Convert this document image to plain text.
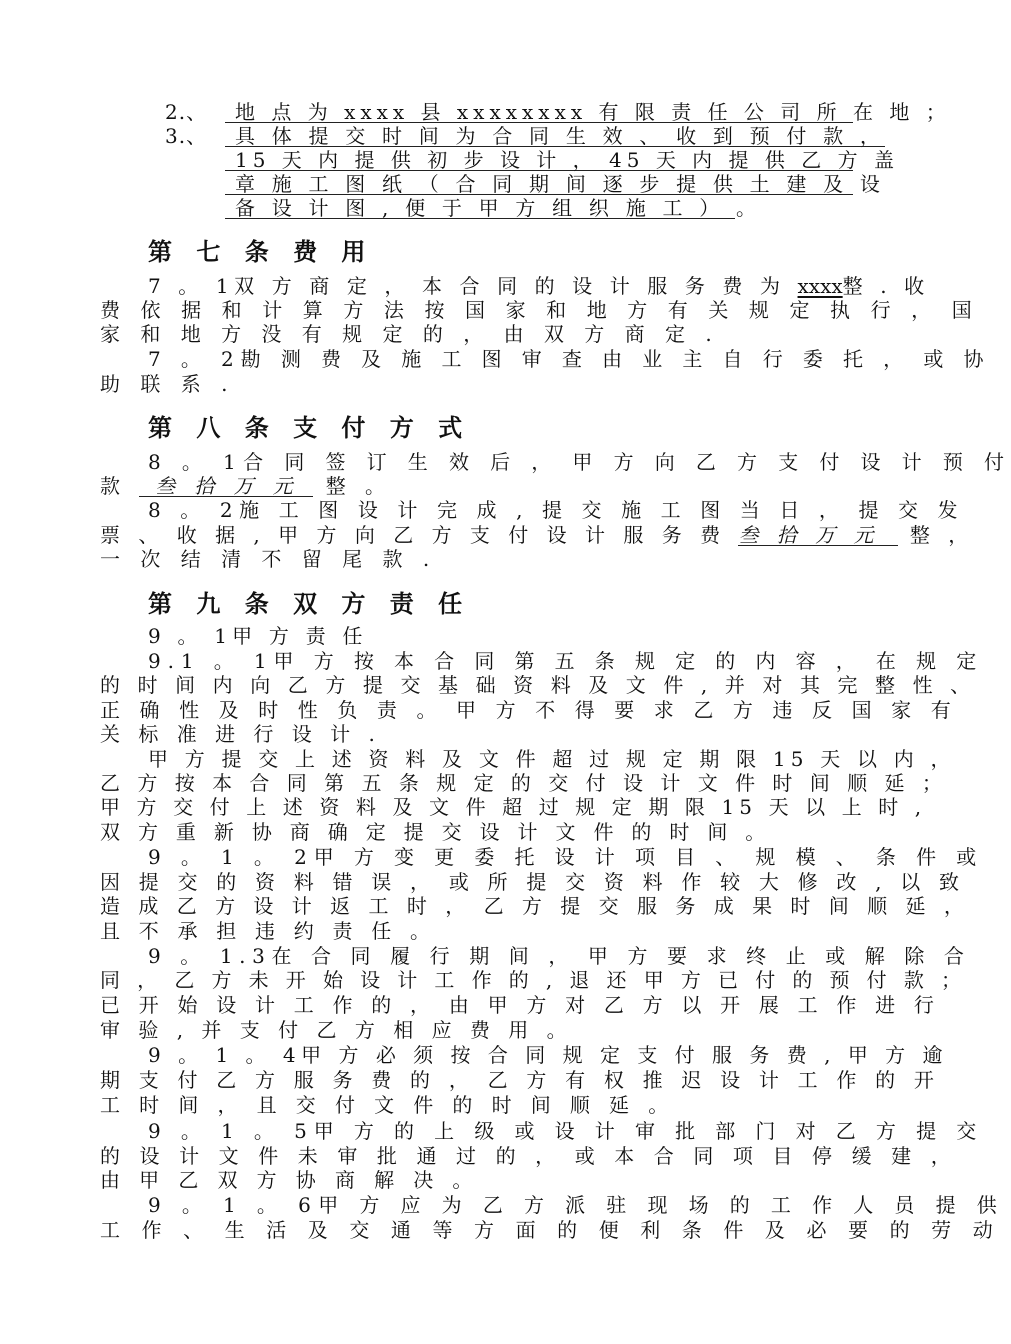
2.、 地 点 为 xxxx 县 xxxxxxxx 有 限 责 任 公 司 所 在 地 ；
3.、 具 体 提 交 时 间 为 合 同 生 效 、 收 到 预 付 款 ，
15 天 内 提 供 初 步 设 计 ， 45 天 内 提 供 乙 方 盖
章 施 工 图 纸 （ 合 同 期 间 逐 步 提 供 土 建 及 设
备 设 计 图 , 便 于 甲 方 组 织 施 工 ） 。
第 七 条 费 用
7 。 1双 方 商 定 ， 本 合 同 的 设 计 服 务 费 为 xxxx整 . 收
费 依 据 和 计 算 方 法 按 国 家 和 地 方 有 关 规 定 执 行 ， 国
家 和 地 方 没 有 规 定 的 ， 由 双 方 商 定 .
7 。 2勘 测 费 及 施 工 图 审 查 由 业 主 自 行 委 托 ， 或 协
助 联 系 .
第 八 条 支 付 方 式
8 。 1合 同 签 订 生 效 后 ， 甲 方 向 乙 方 支 付 设 计 预 付
款 叁 拾 万 元 整 。
8 。 2施 工 图 设 计 完 成 , 提 交 施 工 图 当 日 ， 提 交 发
票 、 收 据 , 甲 方 向 乙 方 支 付 设 计 服 务 费 叁 拾 万 元 整 ，
一 次 结 清 不 留 尾 款 .
第 九 条 双 方 责 任
9 。 1甲 方 责 任
9.1 。 1甲 方 按 本 合 同 第 五 条 规 定 的 内 容 ， 在 规 定
的 时 间 内 向 乙 方 提 交 基 础 资 料 及 文 件 , 并 对 其 完 整 性 、
正 确 性 及 时 性 负 责 。 甲 方 不 得 要 求 乙 方 违 反 国 家 有
关 标 准 进 行 设 计 .
甲 方 提 交 上 述 资 料 及 文 件 超 过 规 定 期 限 15 天 以 内 ，
乙 方 按 本 合 同 第 五 条 规 定 的 交 付 设 计 文 件 时 间 顺 延 ；
甲 方 交 付 上 述 资 料 及 文 件 超 过 规 定 期 限 15 天 以 上 时 ,
双 方 重 新 协 商 确 定 提 交 设 计 文 件 的 时 间 。
9 。 1 。 2甲 方 变 更 委 托 设 计 项 目 、 规 模 、 条 件 或
因 提 交 的 资 料 错 误 ， 或 所 提 交 资 料 作 较 大 修 改 , 以 致
造 成 乙 方 设 计 返 工 时 ， 乙 方 提 交 服 务 成 果 时 间 顺 延 ，
且 不 承 担 违 约 责 任 。
9 。 1.3在 合 同 履 行 期 间 ， 甲 方 要 求 终 止 或 解 除 合
同 ， 乙 方 未 开 始 设 计 工 作 的 , 退 还 甲 方 已 付 的 预 付 款 ；
已 开 始 设 计 工 作 的 ， 由 甲 方 对 乙 方 以 开 展 工 作 进 行
审 验 , 并 支 付 乙 方 相 应 费 用 。
9 。 1 。 4甲 方 必 须 按 合 同 规 定 支 付 服 务 费 , 甲 方 逾
期 支 付 乙 方 服 务 费 的 ， 乙 方 有 权 推 迟 设 计 工 作 的 开
工 时 间 ， 且 交 付 文 件 的 时 间 顺 延 。
9 。 1 。 5甲 方 的 上 级 或 设 计 审 批 部 门 对 乙 方 提 交
的 设 计 文 件 未 审 批 通 过 的 ， 或 本 合 同 项 目 停 缓 建 ，
由 甲 乙 双 方 协 商 解 决 。
9 。 1 。 6甲 方 应 为 乙 方 派 驻 现 场 的 工 作 人 员 提 供
工 作 、 生 活 及 交 通 等 方 面 的 便 利 条 件 及 必 要 的 劳 动
